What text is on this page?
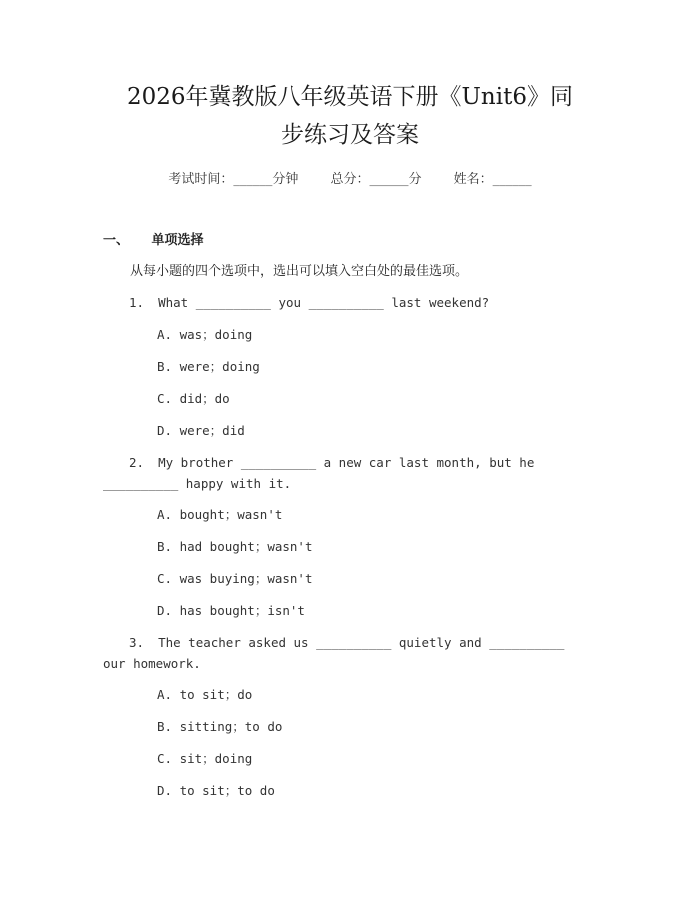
2026年冀教版八年级英语下册《Unit6》同
步练习及答案
考试时间：______分钟 总分：______分 姓名：______
一、 单项选择
从每小题的四个选项中，选出可以填入空白处的最佳选项。
1. What __________ you __________ last weekend?
A. was；doing
B. were；doing
C. did；do
D. were；did
2. My brother __________ a new car last month, but he __________ happy with it.
A. bought；wasn't
B. had bought；wasn't
C. was buying；wasn't
D. has bought；isn't
3. The teacher asked us __________ quietly and __________ our homework.
A. to sit；do
B. sitting；to do
C. sit；doing
D. to sit；to do
